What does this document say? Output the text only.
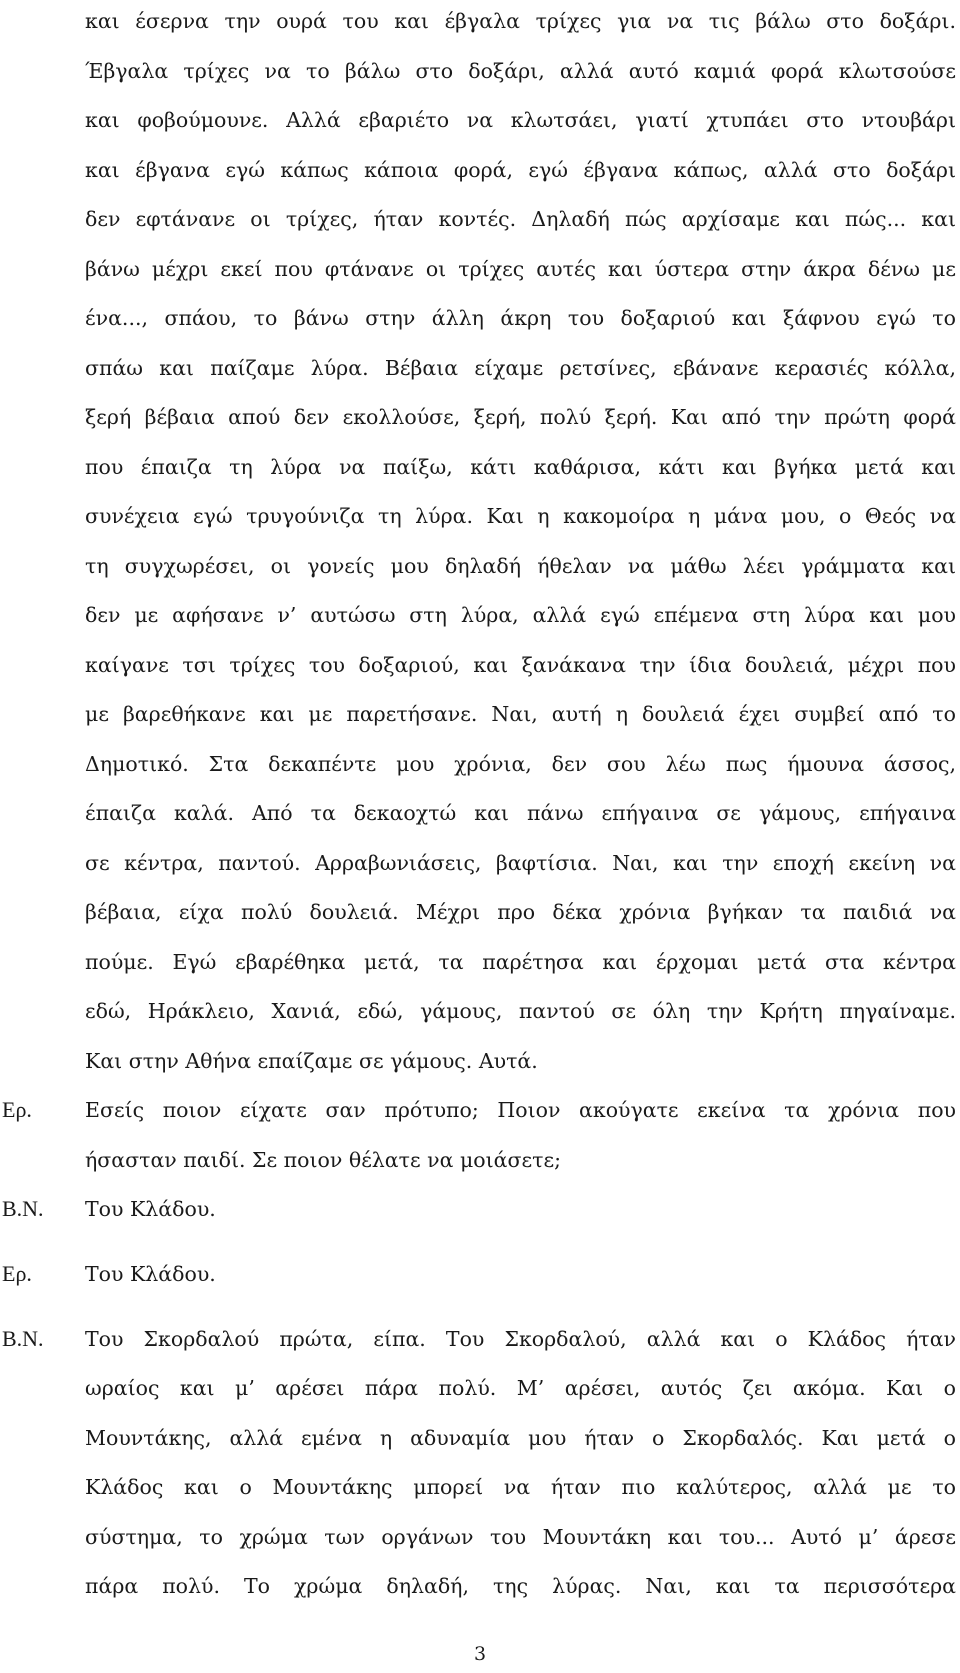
και έσερνα την ουρά του και έβγαλα τρίχες για να τις βάλω στο δοξάρι.
Έβγαλα τρίχες να το βάλω στο δοξάρι, αλλά αυτό καμιά φορά κλωτσούσε
και φοβούμουνε. Αλλά εβαριέτο να κλωτσάει, γιατί χτυπάει στο ντουβάρι
και έβγανα εγώ κάπως κάποια φορά, εγώ έβγανα κάπως, αλλά στο δοξάρι
δεν εφτάνανε οι τρίχες, ήταν κοντές. Δηλαδή πώς αρχίσαμε και πώς... και
βάνω μέχρι εκεί που φτάνανε οι τρίχες αυτές και ύστερα στην άκρα δένω με
ένα..., σπάου, το βάνω στην άλλη άκρη του δοξαριού και ξάφνου εγώ το
σπάω και παίζαμε λύρα. Βέβαια είχαμε ρετσίνες, εβάνανε κερασιές κόλλα,
ξερή βέβαια απού δεν εκολλούσε, ξερή, πολύ ξερή. Και από την πρώτη φορά
που έπαιζα τη λύρα να παίξω, κάτι καθάρισα, κάτι και βγήκα μετά και
συνέχεια εγώ τρυγούνιζα τη λύρα. Και η κακομοίρα η μάνα μου, ο Θεός να
τη συγχωρέσει, οι γονείς μου δηλαδή ήθελαν να μάθω λέει γράμματα και
δεν με αφήσανε ν’ αυτώσω στη λύρα, αλλά εγώ επέμενα στη λύρα και μου
καίγανε τσι τρίχες του δοξαριού, και ξανάκανα την ίδια δουλειά, μέχρι που
με βαρεθήκανε και με παρετήσανε. Ναι, αυτή η δουλειά έχει συμβεί από το
Δημοτικό. Στα δεκαπέντε μου χρόνια, δεν σου λέω πως ήμουνα άσσος,
έπαιζα καλά. Από τα δεκαοχτώ και πάνω επήγαινα σε γάμους, επήγαινα
σε κέντρα, παντού. Αρραβωνιάσεις, βαφτίσια. Ναι, και την εποχή εκείνη να
βέβαια, είχα πολύ δουλειά. Μέχρι προ δέκα χρόνια βγήκαν τα παιδιά να
πούμε. Εγώ εβαρέθηκα μετά, τα παρέτησα και έρχομαι μετά στα κέντρα
εδώ, Ηράκλειο, Χανιά, εδώ, γάμους, παντού σε όλη την Κρήτη πηγαίναμε.
Και στην Αθήνα επαίζαμε σε γάμους. Αυτά.
Ερ.	Εσείς ποιον είχατε σαν πρότυπο; Ποιον ακούγατε εκείνα τα χρόνια που
ήσασταν παιδί. Σε ποιον θέλατε να μοιάσετε;
Β.Ν.	Του Κλάδου.
Ερ.	Του Κλάδου.
Β.Ν.	Του Σκορδαλού πρώτα, είπα. Του Σκορδαλού, αλλά και ο Κλάδος ήταν
ωραίος και μ’ αρέσει πάρα πολύ. Μ’ αρέσει, αυτός ζει ακόμα. Και ο
Μουντάκης, αλλά εμένα η αδυναμία μου ήταν ο Σκορδαλός. Και μετά ο
Κλάδος και ο Μουντάκης μπορεί να ήταν πιο καλύτερος, αλλά με το
σύστημα, το χρώμα των οργάνων του Μουντάκη και του... Αυτό μ’ άρεσε
πάρα πολύ. Το χρώμα δηλαδή, της λύρας. Ναι, και τα περισσότερα
3
